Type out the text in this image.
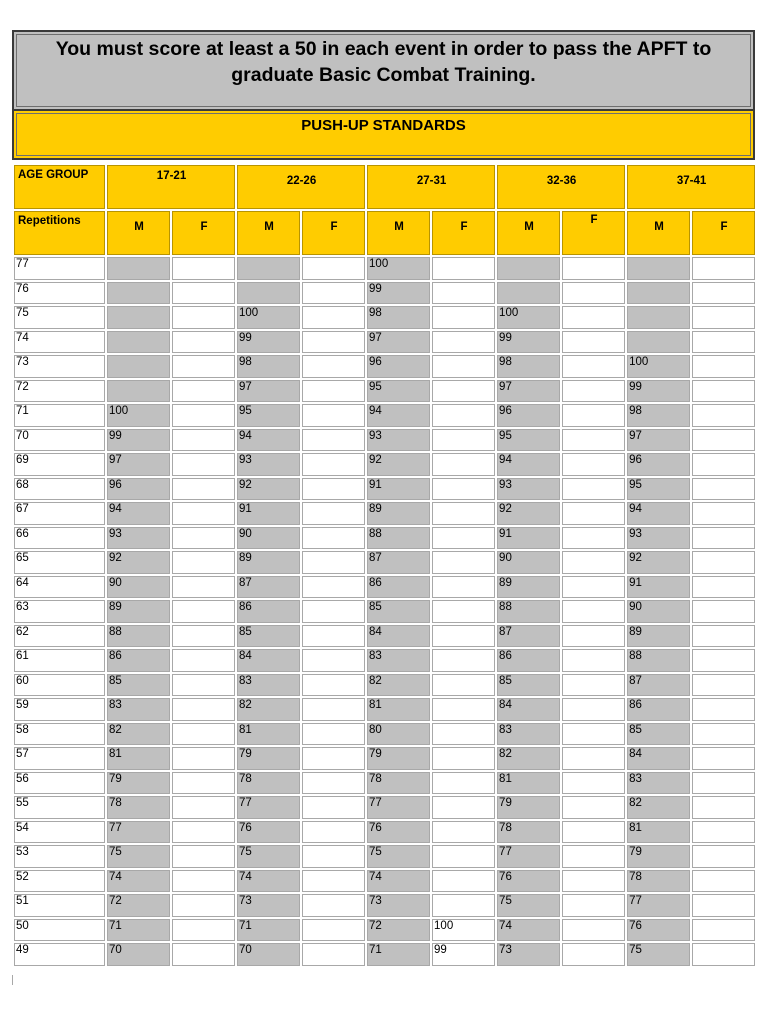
You must score at least a 50 in each event in order to pass the APFT to graduate Basic Combat Training.
PUSH-UP STANDARDS
AGE GROUP	17-21		22-26		27-31		32-36		37-41	
Repetitions	M	F	M	F	M	F	M	F	M	F
77					100					
76					99					
75			100		98		100			
74			99		97		99			
73			98		96		98		100	
72			97		95		97		99	
71	100		95		94		96		98	
70	99		94		93		95		97	
69	97		93		92		94		96	
68	96		92		91		93		95	
67	94		91		89		92		94	
66	93		90		88		91		93	
65	92		89		87		90		92	
64	90		87		86		89		91	
63	89		86		85		88		90	
62	88		85		84		87		89	
61	86		84		83		86		88	
60	85		83		82		85		87	
59	83		82		81		84		86	
58	82		81		80		83		85	
57	81		79		79		82		84	
56	79		78		78		81		83	
55	78		77		77		79		82	
54	77		76		76		78		81	
53	75		75		75		77		79	
52	74		74		74		76		78	
51	72		73		73		75		77	
50	71		71		72	100	74		76	
49	70		70		71	99	73		75	
